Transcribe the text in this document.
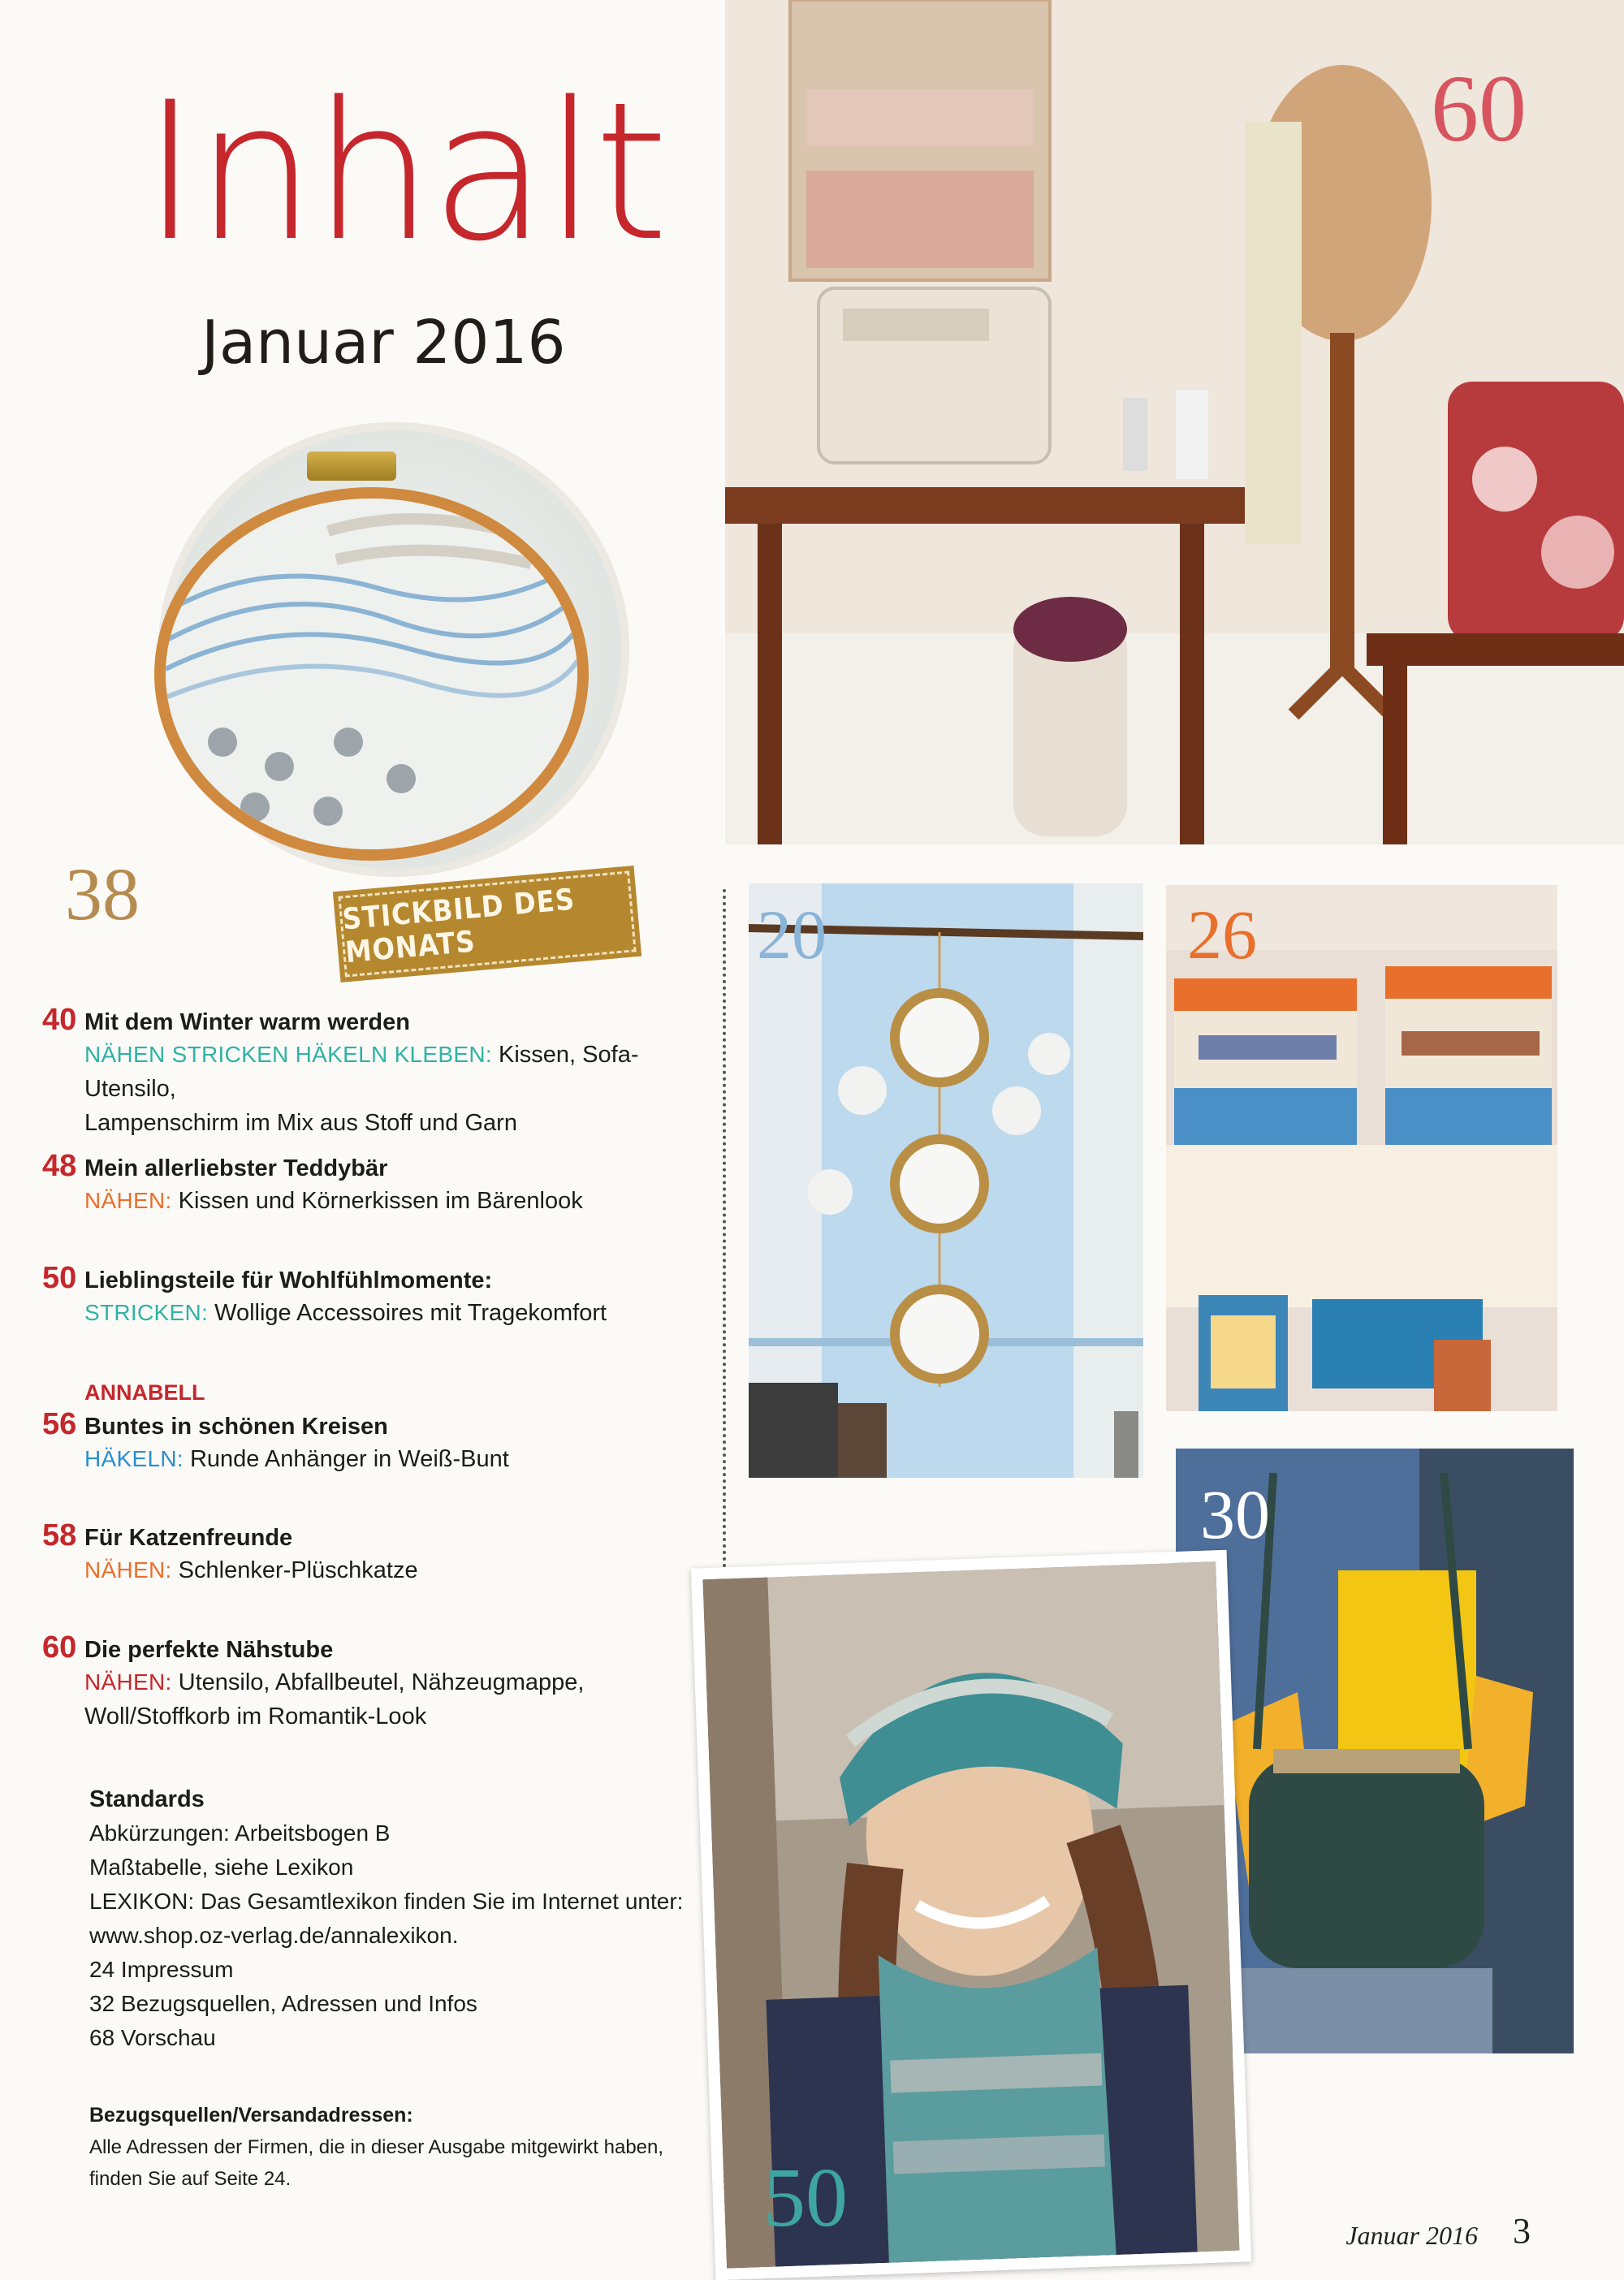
Inhalt
Januar 2016
60
STICKBILD DES MONATS
38	20	26
30
50
40 Mit dem Winter warm werden
NÄHEN STRICKEN HÄKELN KLEBEN: Kissen, Sofa-Utensilo,
Lampenschirm im Mix aus Stoff und Garn
48 Mein allerliebster Teddybär
NÄHEN: Kissen und Körnerkissen im Bärenlook
50 Lieblingsteile für Wohlfühlmomente:
STRICKEN: Wollige Accessoires mit Tragekomfort
ANNABELL
56 Buntes in schönen Kreisen
HÄKELN: Runde Anhänger in Weiß-Bunt
58 Für Katzenfreunde
NÄHEN: Schlenker-Plüschkatze
60 Die perfekte Nähstube
NÄHEN: Utensilo, Abfallbeutel, Nähzeugmappe,
Woll/Stoffkorb im Romantik-Look
Standards
Abkürzungen: Arbeitsbogen B
Maßtabelle, siehe Lexikon
LEXIKON: Das Gesamtlexikon finden Sie im Internet unter:
www.shop.oz-verlag.de/annalexikon.
24 Impressum
32 Bezugsquellen, Adressen und Infos
68 Vorschau
Bezugsquellen/Versandadressen:
Alle Adressen der Firmen, die in dieser Ausgabe mitgewirkt haben,
finden Sie auf Seite 24.
Januar 2016 3
